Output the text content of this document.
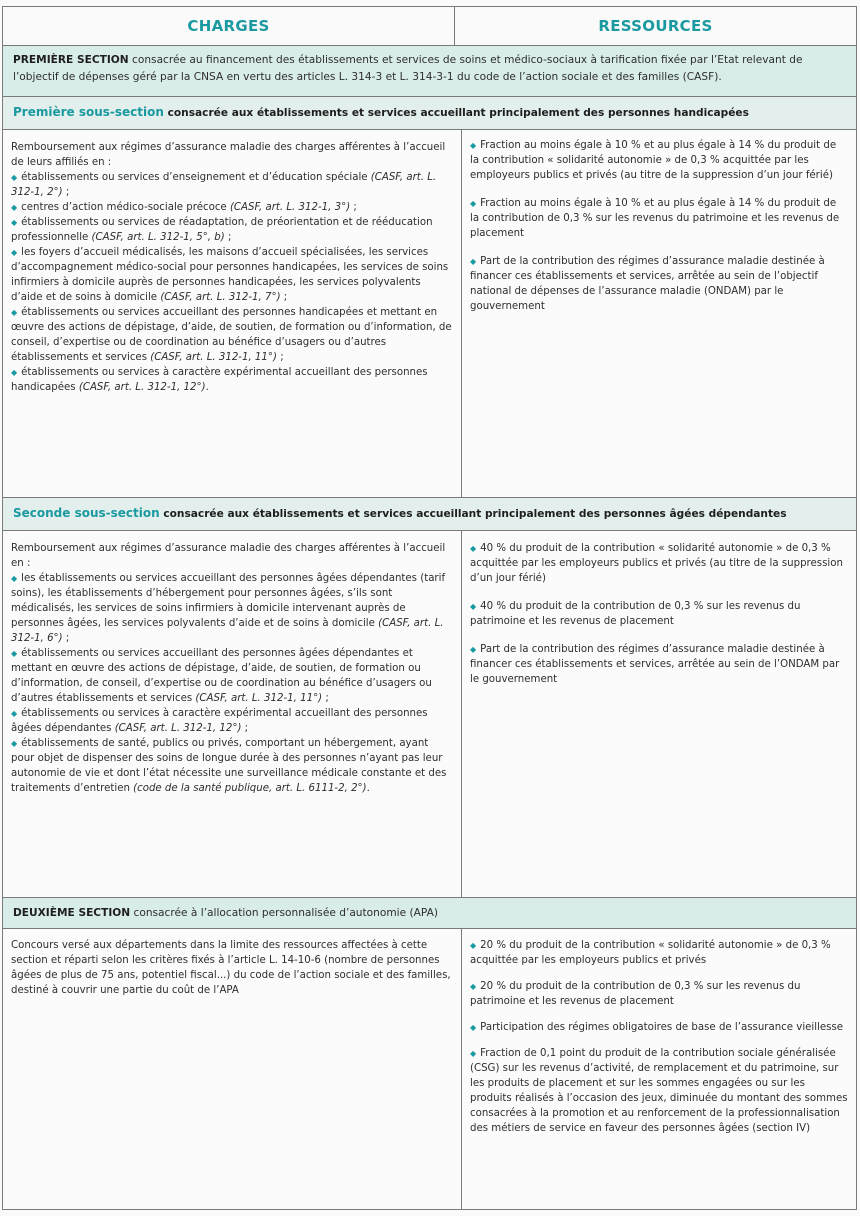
CHARGES	RESSOURCES
PREMIÈRE SECTION consacrée au financement des établissements et services de soins et médico-sociaux à tarification fixée par l’Etat relevant de l’objectif de dépenses géré par la CNSA en vertu des articles L. 314-3 et L. 314-3-1 du code de l’action sociale et des familles (CASF).
Première sous-section consacrée aux établissements et services accueillant principalement des personnes handicapées

Remboursement aux régimes d’assurance maladie des charges afférentes à l’accueil de leurs affiliés en :

◆ établissements ou services d’enseignement et d’éducation spéciale (CASF, art. L. 312-1, 2°) ;

◆ centres d’action médico-sociale précoce (CASF, art. L. 312-1, 3°) ;

◆ établissements ou services de réadaptation, de préorientation et de rééducation professionnelle (CASF, art. L. 312-1, 5°, b) ;

◆ les foyers d’accueil médicalisés, les maisons d’accueil spécialisées, les services d’accompagnement médico-social pour personnes handicapées, les services de soins infirmiers à domicile auprès de personnes handicapées, les services polyvalents d’aide et de soins à domicile (CASF, art. L. 312-1, 7°) ;

◆ établissements ou services accueillant des personnes handicapées et mettant en œuvre des actions de dépistage, d’aide, de soutien, de formation ou d’information, de conseil, d’expertise ou de coordination au bénéfice d’usagers ou d’autres établissements et services (CASF, art. L. 312-1, 11°) ;

◆ établissements ou services à caractère expérimental accueillant des personnes handicapées (CASF, art. L. 312-1, 12°).

◆ Fraction au moins égale à 10 % et au plus égale à 14 % du produit de la contribution « solidarité autonomie » de 0,3 % acquittée par les employeurs publics et privés (au titre de la suppression d’un jour férié)

◆ Fraction au moins égale à 10 % et au plus égale à 14 % du produit de la contribution de 0,3 % sur les revenus du patrimoine et les revenus de placement

◆ Part de la contribution des régimes d’assurance maladie destinée à financer ces établissements et services, arrêtée au sein de l’objectif national de dépenses de l’assurance maladie (ONDAM) par le gouvernement

Seconde sous-section consacrée aux établissements et services accueillant principalement des personnes âgées dépendantes

Remboursement aux régimes d’assurance maladie des charges afférentes à l’accueil en :

◆ les établissements ou services accueillant des personnes âgées dépendantes (tarif soins), les établissements d’hébergement pour personnes âgées, s’ils sont médicalisés, les services de soins infirmiers à domicile intervenant auprès de personnes âgées, les services polyvalents d’aide et de soins à domicile (CASF, art. L. 312-1, 6°) ;

◆ établissements ou services accueillant des personnes âgées dépendantes et mettant en œuvre des actions de dépistage, d’aide, de soutien, de formation ou d’information, de conseil, d’expertise ou de coordination au bénéfice d’usagers ou d’autres établissements et services (CASF, art. L. 312-1, 11°) ;

◆ établissements ou services à caractère expérimental accueillant des personnes âgées dépendantes (CASF, art. L. 312-1, 12°) ;

◆ établissements de santé, publics ou privés, comportant un hébergement, ayant pour objet de dispenser des soins de longue durée à des personnes n’ayant pas leur autonomie de vie et dont l’état nécessite une surveillance médicale constante et des traitements d’entretien (code de la santé publique, art. L. 6111-2, 2°).

◆ 40 % du produit de la contribution « solidarité autonomie » de 0,3 % acquittée par les employeurs publics et privés (au titre de la suppression d’un jour férié)

◆ 40 % du produit de la contribution de 0,3 % sur les revenus du patrimoine et les revenus de placement

◆ Part de la contribution des régimes d’assurance maladie destinée à financer ces établissements et services, arrêtée au sein de l’ONDAM par le gouvernement

DEUXIÈME SECTION consacrée à l’allocation personnalisée d’autonomie (APA)

Concours versé aux départements dans la limite des ressources affectées à cette section et réparti selon les critères fixés à l’article L. 14-10-6 (nombre de personnes âgées de plus de 75 ans, potentiel fiscal...) du code de l’action sociale et des familles, destiné à couvrir une partie du coût de l’APA

◆ 20 % du produit de la contribution « solidarité autonomie » de 0,3 % acquittée par les employeurs publics et privés

◆ 20 % du produit de la contribution de 0,3 % sur les revenus du patrimoine et les revenus de placement

◆ Participation des régimes obligatoires de base de l’assurance vieillesse

◆ Fraction de 0,1 point du produit de la contribution sociale généralisée (CSG) sur les revenus d’activité, de remplacement et du patrimoine, sur les produits de placement et sur les sommes engagées ou sur les produits réalisés à l’occasion des jeux, diminuée du montant des sommes consacrées à la promotion et au renforcement de la professionnalisation des métiers de service en faveur des personnes âgées (section IV)
